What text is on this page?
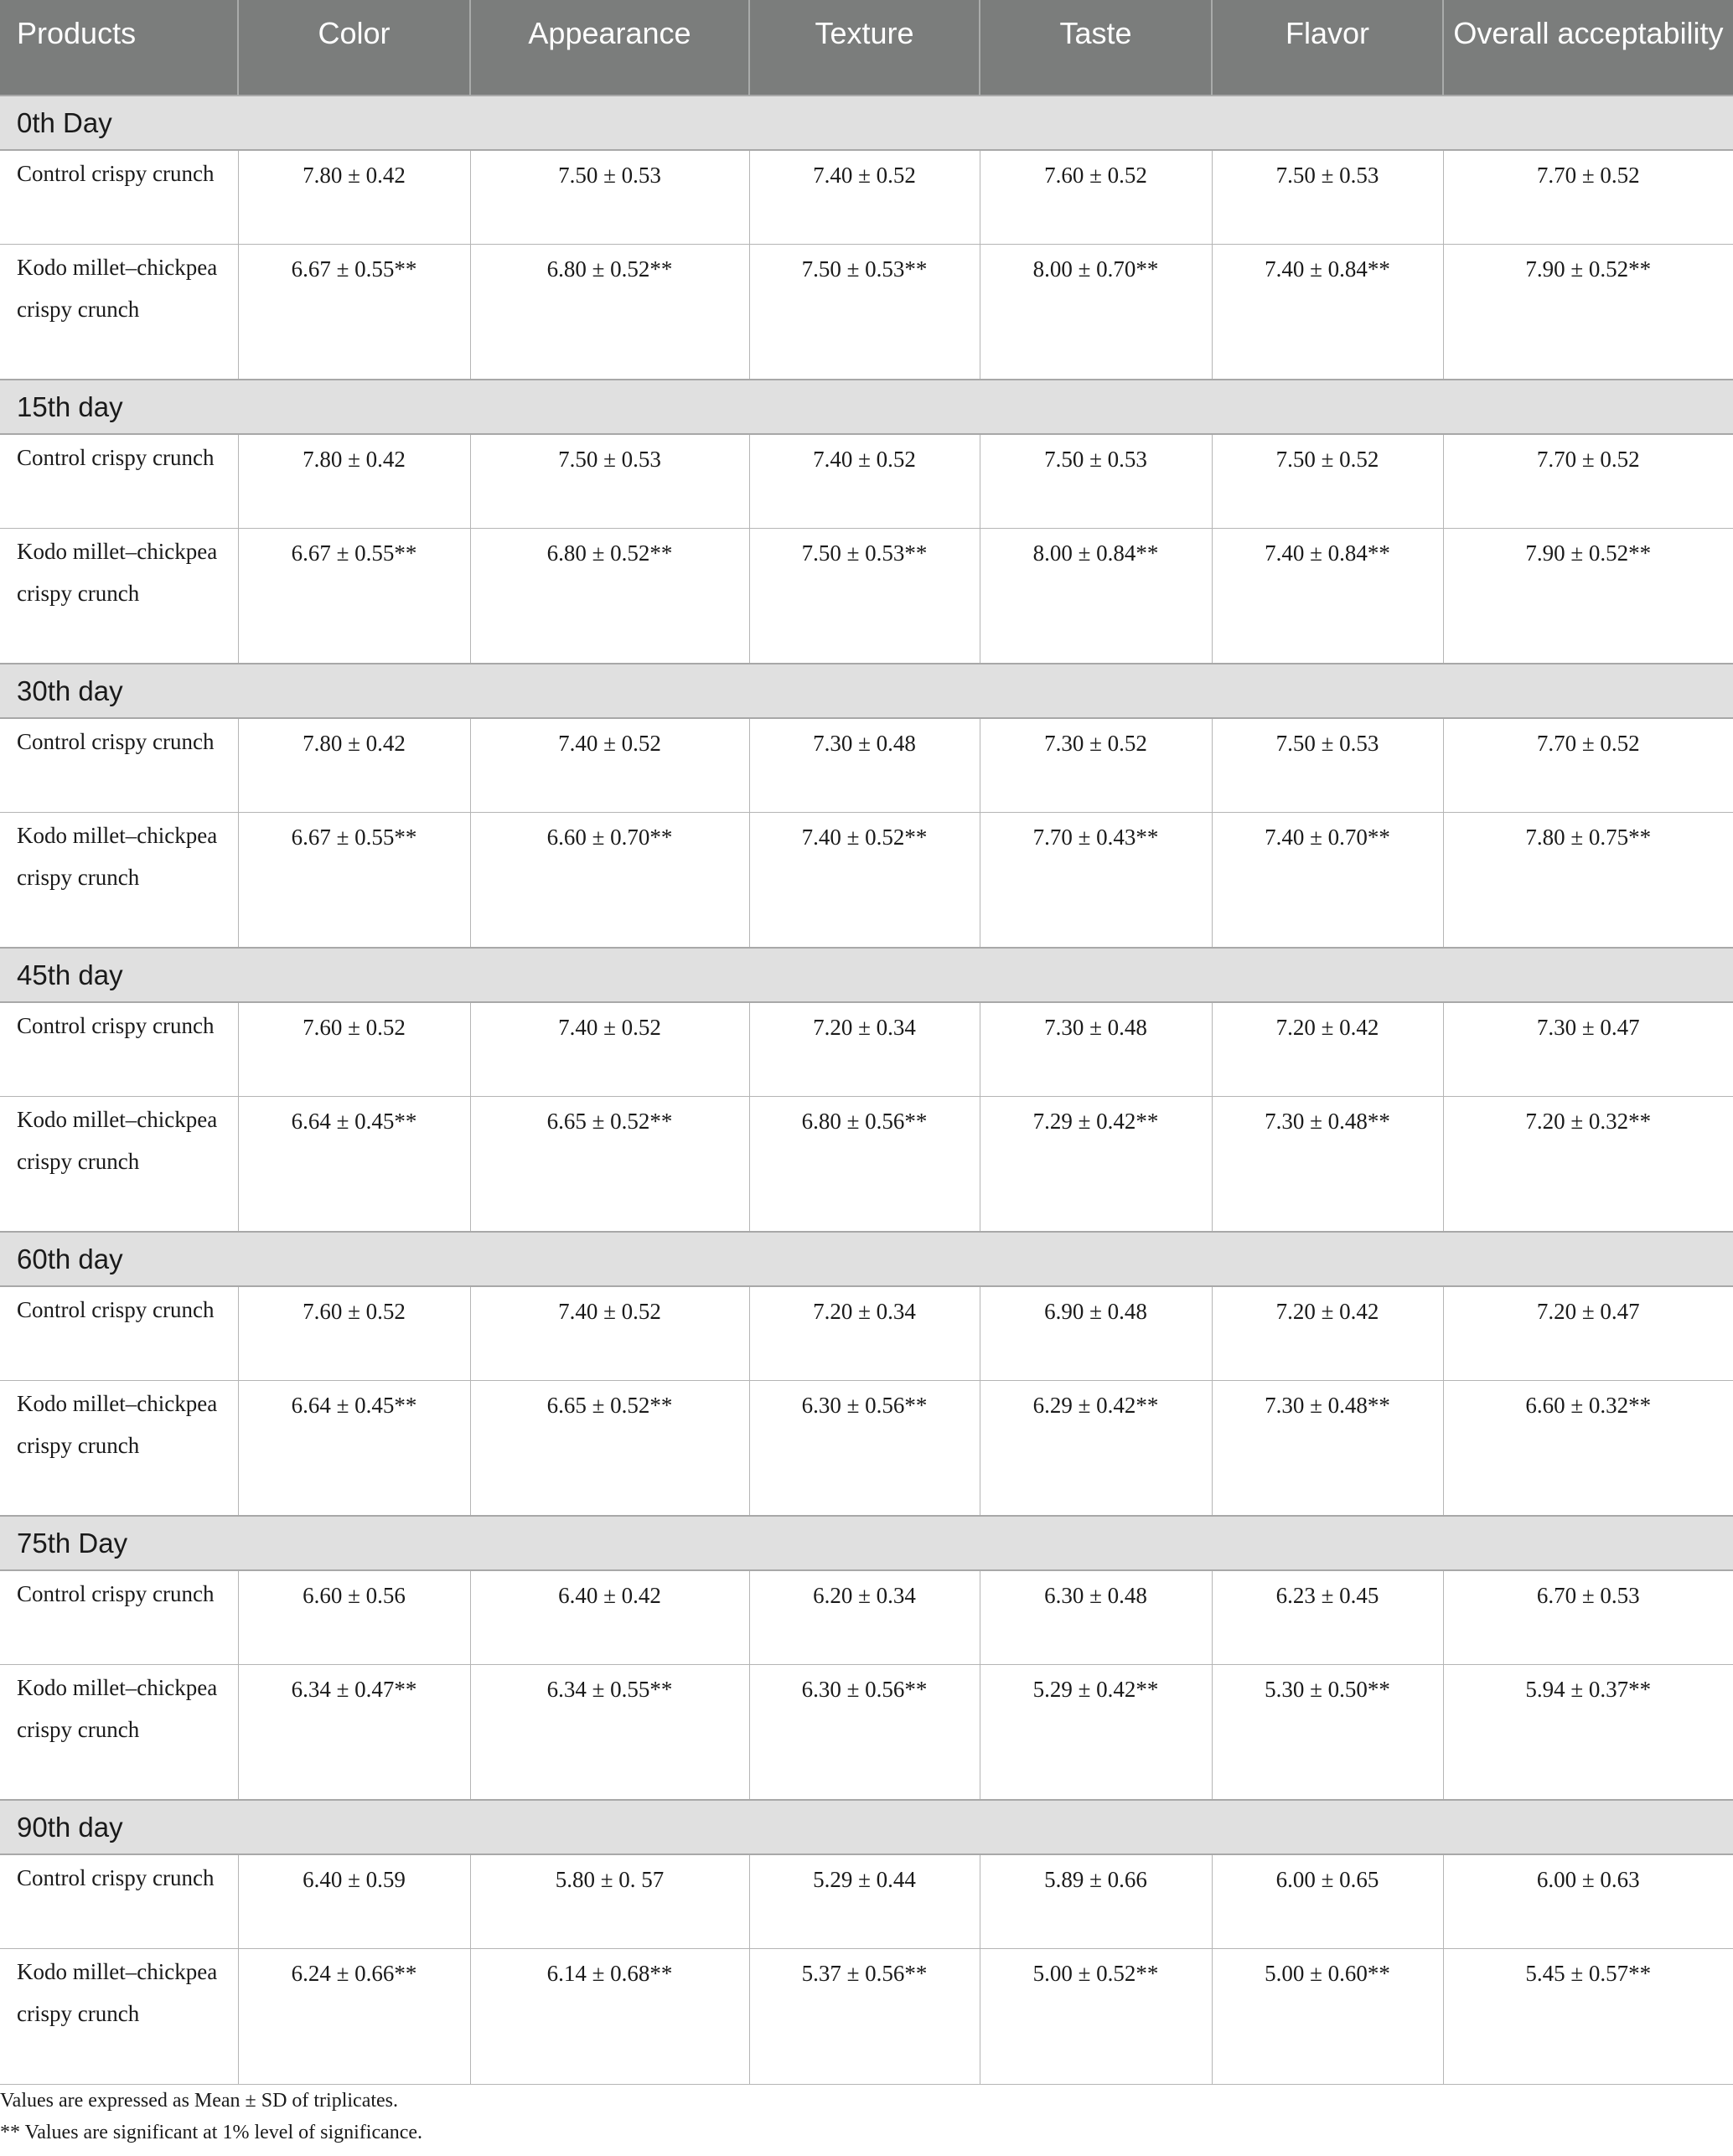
Products	Color	Appearance	Texture	Taste	Flavor	Overall acceptability

0th Day						
Control crispy crunch	7.80 ± 0.42	7.50 ± 0.53	7.40 ± 0.52	7.60 ± 0.52	7.50 ± 0.53	7.70 ± 0.52
Kodo millet–chickpea crispy crunch	6.67 ± 0.55**	6.80 ± 0.52**	7.50 ± 0.53**	8.00 ± 0.70**	7.40 ± 0.84**	7.90 ± 0.52**
15th day						
Control crispy crunch	7.80 ± 0.42	7.50 ± 0.53	7.40 ± 0.52	7.50 ± 0.53	7.50 ± 0.52	7.70 ± 0.52
Kodo millet–chickpea crispy crunch	6.67 ± 0.55**	6.80 ± 0.52**	7.50 ± 0.53**	8.00 ± 0.84**	7.40 ± 0.84**	7.90 ± 0.52**
30th day						
Control crispy crunch	7.80 ± 0.42	7.40 ± 0.52	7.30 ± 0.48	7.30 ± 0.52	7.50 ± 0.53	7.70 ± 0.52
Kodo millet–chickpea crispy crunch	6.67 ± 0.55**	6.60 ± 0.70**	7.40 ± 0.52**	7.70 ± 0.43**	7.40 ± 0.70**	7.80 ± 0.75**
45th day						
Control crispy crunch	7.60 ± 0.52	7.40 ± 0.52	7.20 ± 0.34	7.30 ± 0.48	7.20 ± 0.42	7.30 ± 0.47
Kodo millet–chickpea crispy crunch	6.64 ± 0.45**	6.65 ± 0.52**	6.80 ± 0.56**	7.29 ± 0.42**	7.30 ± 0.48**	7.20 ± 0.32**
60th day						
Control crispy crunch	7.60 ± 0.52	7.40 ± 0.52	7.20 ± 0.34	6.90 ± 0.48	7.20 ± 0.42	7.20 ± 0.47
Kodo millet–chickpea crispy crunch	6.64 ± 0.45**	6.65 ± 0.52**	6.30 ± 0.56**	6.29 ± 0.42**	7.30 ± 0.48**	6.60 ± 0.32**
75th Day						
Control crispy crunch	6.60 ± 0.56	6.40 ± 0.42	6.20 ± 0.34	6.30 ± 0.48	6.23 ± 0.45	6.70 ± 0.53
Kodo millet–chickpea crispy crunch	6.34 ± 0.47**	6.34 ± 0.55**	6.30 ± 0.56**	5.29 ± 0.42**	5.30 ± 0.50**	5.94 ± 0.37**
90th day						
Control crispy crunch	6.40 ± 0.59	5.80 ± 0. 57	5.29 ± 0.44	5.89 ± 0.66	6.00 ± 0.65	6.00 ± 0.63
Kodo millet–chickpea crispy crunch	6.24 ± 0.66**	6.14 ± 0.68**	5.37 ± 0.56**	5.00 ± 0.52**	5.00 ± 0.60**	5.45 ± 0.57**

Values are expressed as Mean ± SD of triplicates.

** Values are significant at 1% level of significance.
